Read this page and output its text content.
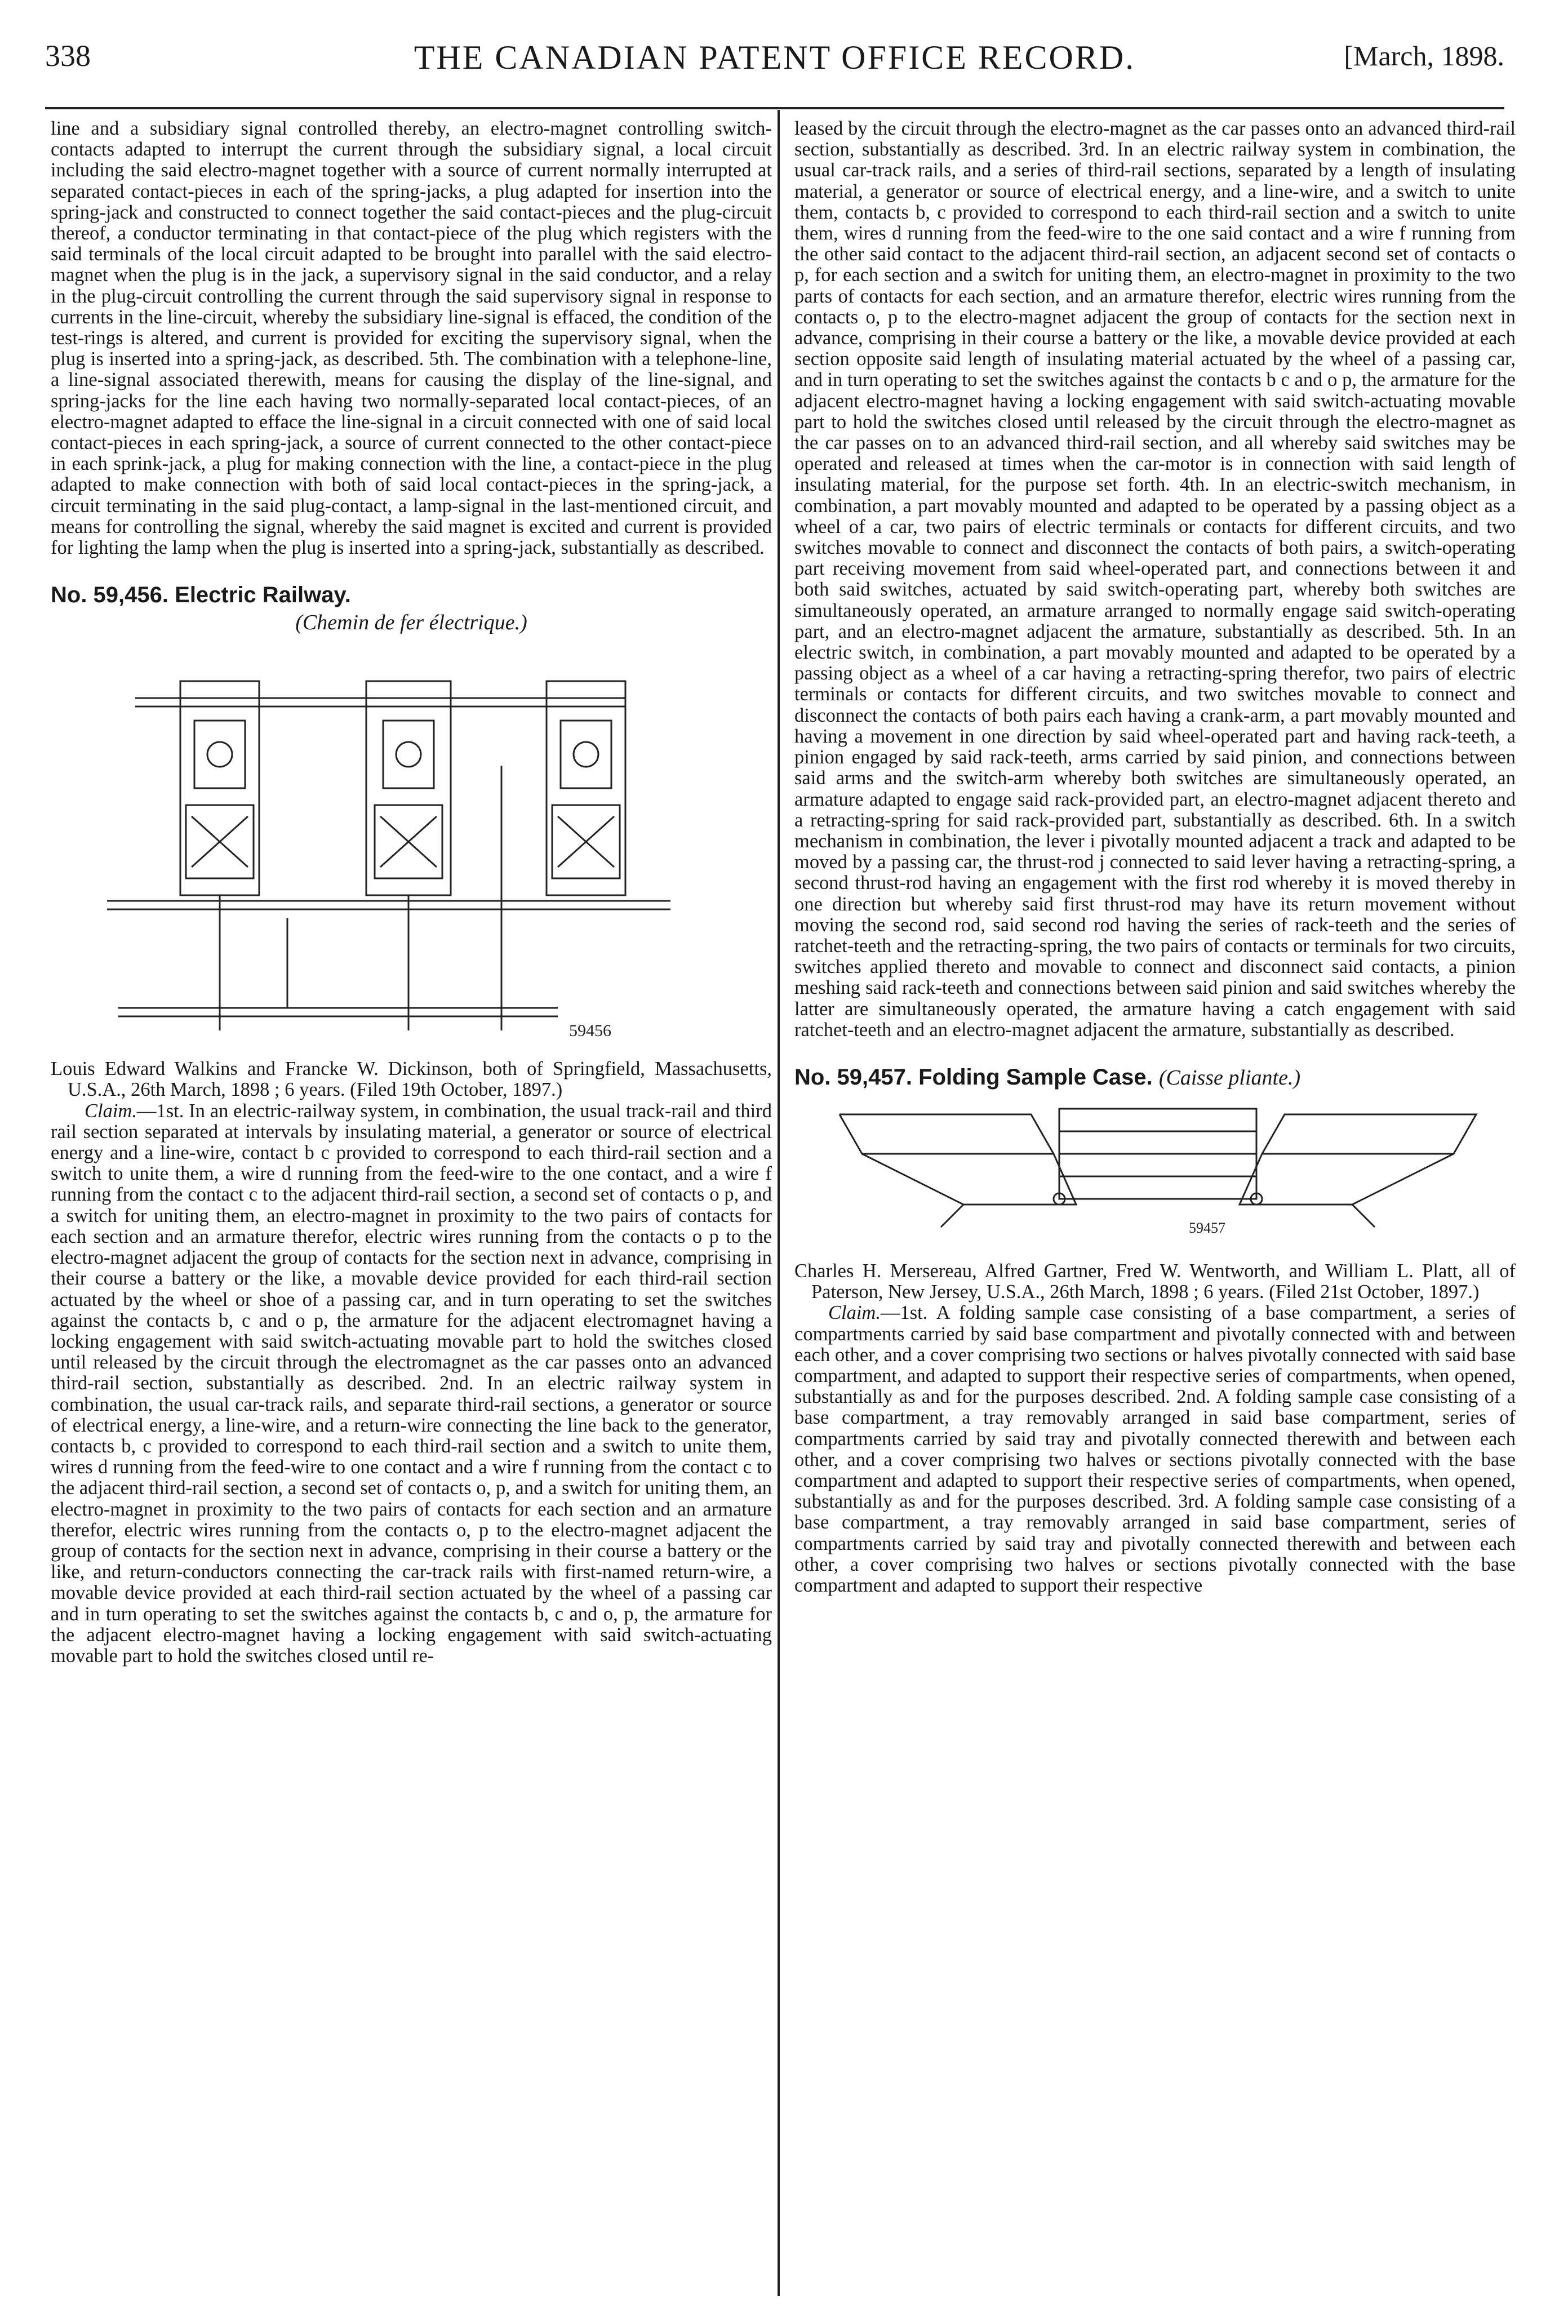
338	THE CANADIAN PATENT OFFICE RECORD.	[March, 1898.

line and a subsidiary signal controlled thereby, an electro-magnet controlling switch-contacts adapted to interrupt the current through the subsidiary signal, a local circuit including the said electro-magnet together with a source of current normally interrupted at separated contact-pieces in each of the spring-jacks, a plug adapted for insertion into the spring-jack and constructed to connect together the said contact-pieces and the plug-circuit thereof, a conductor terminating in that contact-piece of the plug which registers with the said terminals of the local circuit adapted to be brought into parallel with the said electro-magnet when the plug is in the jack, a supervisory signal in the said conductor, and a relay in the plug-circuit controlling the current through the said supervisory signal in response to currents in the line-circuit, whereby the subsidiary line-signal is effaced, the condition of the test-rings is altered, and current is provided for exciting the supervisory signal, when the plug is inserted into a spring-jack, as described. 5th. The combination with a telephone-line, a line-signal associated therewith, means for causing the display of the line-signal, and spring-jacks for the line each having two normally-separated local contact-pieces, of an electro-magnet adapted to efface the line-signal in a circuit connected with one of said local contact-pieces in each spring-jack, a source of current connected to the other contact-piece in each sprink-jack, a plug for making connection with the line, a contact-piece in the plug adapted to make connection with both of said local contact-pieces in the spring-jack, a circuit terminating in the said plug-contact, a lamp-signal in the last-mentioned circuit, and means for controlling the signal, whereby the said magnet is excited and current is provided for lighting the lamp when the plug is inserted into a spring-jack, substantially as described.

No. 59,456. Electric Railway.

(Chemin de fer électrique.)

59456

Louis Edward Walkins and Francke W. Dickinson, both of Springfield, Massachusetts, U.S.A., 26th March, 1898 ; 6 years. (Filed 19th October, 1897.)

Claim.—1st. In an electric-railway system, in combination, the usual track-rail and third rail section separated at intervals by insulating material, a generator or source of electrical energy and a line-wire, contact b c provided to correspond to each third-rail section and a switch to unite them, a wire d running from the feed-wire to the one contact, and a wire f running from the contact c to the adjacent third-rail section, a second set of contacts o p, and a switch for uniting them, an electro-magnet in proximity to the two pairs of contacts for each section and an armature therefor, electric wires running from the contacts o p to the electro-magnet adjacent the group of contacts for the section next in advance, comprising in their course a battery or the like, a movable device provided for each third-rail section actuated by the wheel or shoe of a passing car, and in turn operating to set the switches against the contacts b, c and o p, the armature for the adjacent electromagnet having a locking engagement with said switch-actuating movable part to hold the switches closed until released by the circuit through the electromagnet as the car passes onto an advanced third-rail section, substantially as described. 2nd. In an electric railway system in combination, the usual car-track rails, and separate third-rail sections, a generator or source of electrical energy, a line-wire, and a return-wire connecting the line back to the generator, contacts b, c provided to correspond to each third-rail section and a switch to unite them, wires d running from the feed-wire to one contact and a wire f running from the contact c to the adjacent third-rail section, a second set of contacts o, p, and a switch for uniting them, an electro-magnet in proximity to the two pairs of contacts for each section and an armature therefor, electric wires running from the contacts o, p to the electro-magnet adjacent the group of contacts for the section next in advance, comprising in their course a battery or the like, and return-conductors connecting the car-track rails with first-named return-wire, a movable device provided at each third-rail section actuated by the wheel of a passing car and in turn operating to set the switches against the contacts b, c and o, p, the armature for the adjacent electro-magnet having a locking engagement with said switch-actuating movable part to hold the switches closed until re-

leased by the circuit through the electro-magnet as the car passes onto an advanced third-rail section, substantially as described. 3rd. In an electric railway system in combination, the usual car-track rails, and a series of third-rail sections, separated by a length of insulating material, a generator or source of electrical energy, and a line-wire, and a switch to unite them, contacts b, c provided to correspond to each third-rail section and a switch to unite them, wires d running from the feed-wire to the one said contact and a wire f running from the other said contact to the adjacent third-rail section, an adjacent second set of contacts o p, for each section and a switch for uniting them, an electro-magnet in proximity to the two parts of contacts for each section, and an armature therefor, electric wires running from the contacts o, p to the electro-magnet adjacent the group of contacts for the section next in advance, comprising in their course a battery or the like, a movable device provided at each section opposite said length of insulating material actuated by the wheel of a passing car, and in turn operating to set the switches against the contacts b c and o p, the armature for the adjacent electro-magnet having a locking engagement with said switch-actuating movable part to hold the switches closed until released by the circuit through the electro-magnet as the car passes on to an advanced third-rail section, and all whereby said switches may be operated and released at times when the car-motor is in connection with said length of insulating material, for the purpose set forth. 4th. In an electric-switch mechanism, in combination, a part movably mounted and adapted to be operated by a passing object as a wheel of a car, two pairs of electric terminals or contacts for different circuits, and two switches movable to connect and disconnect the contacts of both pairs, a switch-operating part receiving movement from said wheel-operated part, and connections between it and both said switches, actuated by said switch-operating part, whereby both switches are simultaneously operated, an armature arranged to normally engage said switch-operating part, and an electro-magnet adjacent the armature, substantially as described. 5th. In an electric switch, in combination, a part movably mounted and adapted to be operated by a passing object as a wheel of a car having a retracting-spring therefor, two pairs of electric terminals or contacts for different circuits, and two switches movable to connect and disconnect the contacts of both pairs each having a crank-arm, a part movably mounted and having a movement in one direction by said wheel-operated part and having rack-teeth, a pinion engaged by said rack-teeth, arms carried by said pinion, and connections between said arms and the switch-arm whereby both switches are simultaneously operated, an armature adapted to engage said rack-provided part, an electro-magnet adjacent thereto and a retracting-spring for said rack-provided part, substantially as described. 6th. In a switch mechanism in combination, the lever i pivotally mounted adjacent a track and adapted to be moved by a passing car, the thrust-rod j connected to said lever having a retracting-spring, a second thrust-rod having an engagement with the first rod whereby it is moved thereby in one direction but whereby said first thrust-rod may have its return movement without moving the second rod, said second rod having the series of rack-teeth and the series of ratchet-teeth and the retracting-spring, the two pairs of contacts or terminals for two circuits, switches applied thereto and movable to connect and disconnect said contacts, a pinion meshing said rack-teeth and connections between said pinion and said switches whereby the latter are simultaneously operated, the armature having a catch engagement with said ratchet-teeth and an electro-magnet adjacent the armature, substantially as described.

No. 59,457. Folding Sample Case. (Caisse pliante.)

59457

Charles H. Mersereau, Alfred Gartner, Fred W. Wentworth, and William L. Platt, all of Paterson, New Jersey, U.S.A., 26th March, 1898 ; 6 years. (Filed 21st October, 1897.)

Claim.—1st. A folding sample case consisting of a base compartment, a series of compartments carried by said base compartment and pivotally connected with and between each other, and a cover comprising two sections or halves pivotally connected with said base compartment, and adapted to support their respective series of compartments, when opened, substantially as and for the purposes described. 2nd. A folding sample case consisting of a base compartment, a tray removably arranged in said base compartment, series of compartments carried by said tray and pivotally connected therewith and between each other, and a cover comprising two halves or sections pivotally connected with the base compartment and adapted to support their respective series of compartments, when opened, substantially as and for the purposes described. 3rd. A folding sample case consisting of a base compartment, a tray removably arranged in said base compartment, series of compartments carried by said tray and pivotally connected therewith and between each other, a cover comprising two halves or sections pivotally connected with the base compartment and adapted to support their respective
